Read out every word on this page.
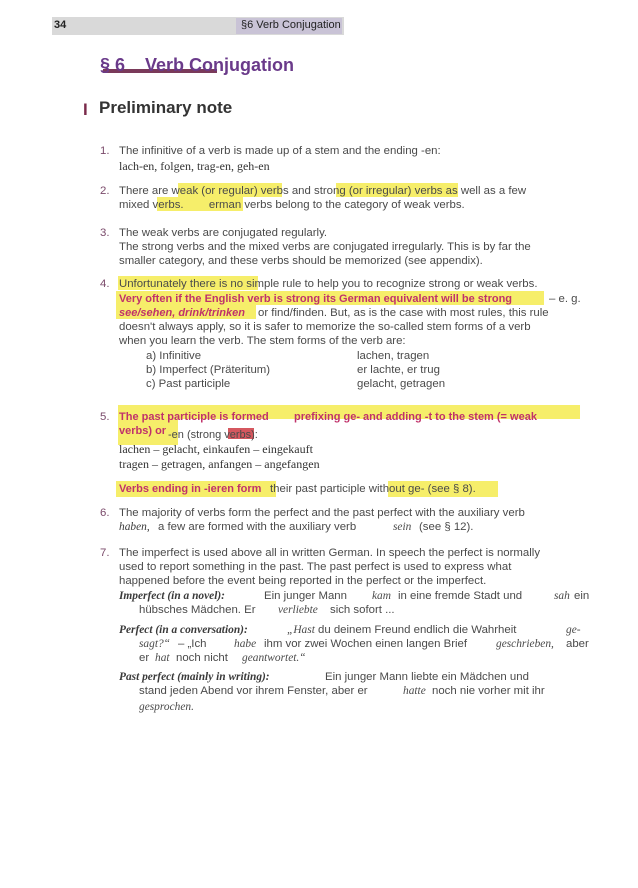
34	§6 Verb Conjugation
§ 6    Verb Conjugation
I Preliminary note
1.
2.
3.
4.
5.
6.
7.
The infinitive of a verb is made up of a stem and the ending -en:
lach-en, folgen, trag-en, geh-en
There are weak (or regular) verbs and strong (or irregular) verbs as well as a few
mixed verbs.        erman verbs belong to the category of weak verbs.
The weak verbs are conjugated regularly.
The strong verbs and the mixed verbs are conjugated irregularly. This is by far the
smaller category, and these verbs should be memorized (see appendix).
Unfortunately there is no simple rule to help you to recognize strong or weak verbs.
Very often if the English verb is strong its German equivalent will be strong	– e. g.
see/sehen, drink/trinken or find/finden. But, as is the case with most rules, this rule
doesn't always apply, so it is safer to memorize the so-called stem forms of a verb
when you learn the verb. The stem forms of the verb are:
a) Infinitive	lachen, tragen
b) Imperfect (Präteritum)	er lachte, er trug
c) Past participle	gelacht, getragen
The past participle is formed prefixing ge- and adding -t to the stem (= weak
verbs) or -en (strong verbs):
lachen – gelacht, einkaufen – eingekauft
tragen – getragen, anfangen – angefangen
Verbs ending in -ieren form their past participle without ge- (see § 8).
The majority of verbs form the perfect and the past perfect with the auxiliary verb
haben, a few are formed with the auxiliary verb	sein (see § 12).
The imperfect is used above all in written German. In speech the perfect is normally
used to report something in the past. The past perfect is used to express what
happened before the event being reported in the perfect or the imperfect.
Imperfect (in a novel):	Ein junger Mann kam in eine fremde Stadt und	sah ein
hübsches Mädchen. Er verliebte sich sofort ...
Perfect (in a conversation):	„Hast du deinem Freund endlich die Wahrheit	ge-
sagt?“ – „Ich habe ihm vor zwei Wochen einen langen Brief	geschrieben, aber
er hat noch nicht geantwortet.“
Past perfect (mainly in writing):	Ein junger Mann liebte ein Mädchen und
stand jeden Abend vor ihrem Fenster, aber er	hatte noch nie vorher mit ihr
gesprochen.
